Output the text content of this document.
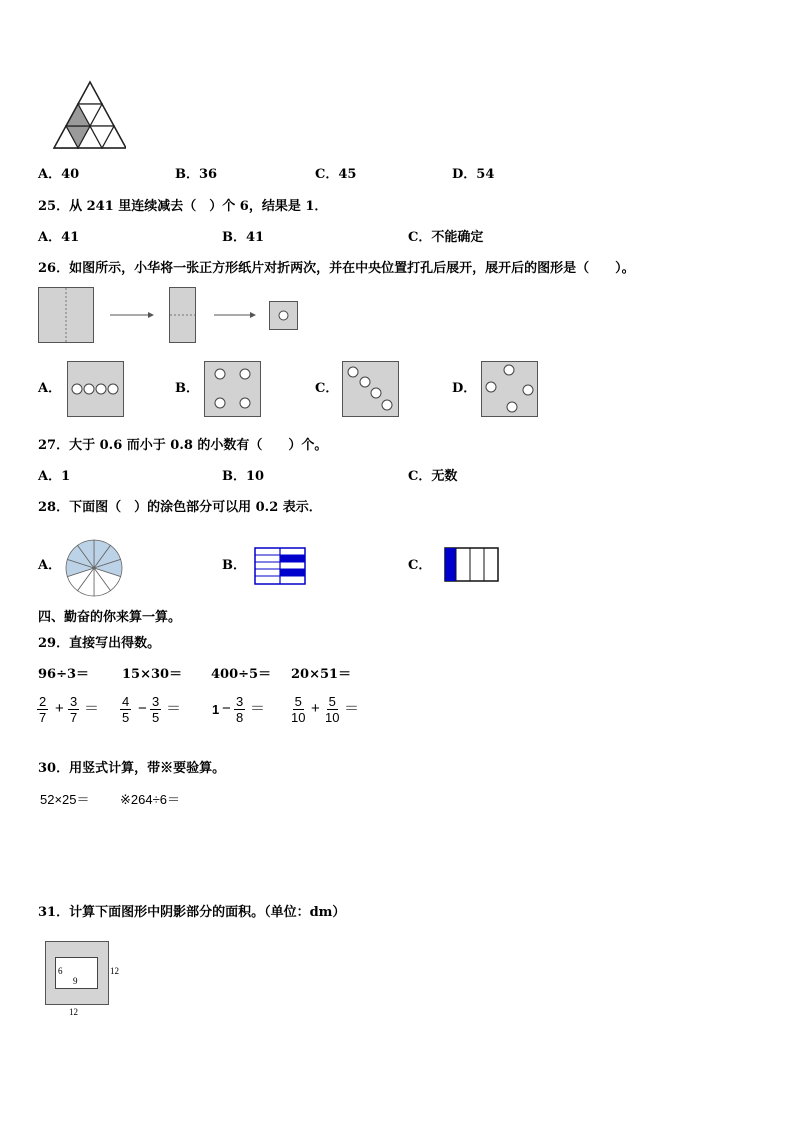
A．40	B．36	C．45	D．54
25．从 241 里连续减去（　）个 6，结果是 1．
A．41	B．41	C．不能确定
26．如图所示，小华将一张正方形纸片对折两次，并在中央位置打孔后展开，展开后的图形是（　　）。
A．	B．	C．	D．
27．大于 0.6 而小于 0.8 的小数有（　　）个。
A．1	B．10	C．无数
28．下面图（　）的涂色部分可以用 0.2 表示．
A．	B．	C．
四、勤奋的你来算一算。
29．直接写出得数。
96÷3＝	15×30＝ 400÷5＝ 20×51＝
$\frac{2}{7} + \frac{3}{7} = \frac{4}{5} - \frac{3}{5} = 1 - \frac{3}{8} = \frac{5}{10} + \frac{5}{10}$ ＝
30．用竖式计算，带※要验算。
52×25＝ ※264÷6＝
31．计算下面图形中阴影部分的面积。（单位：dm）
6
9
12
12
